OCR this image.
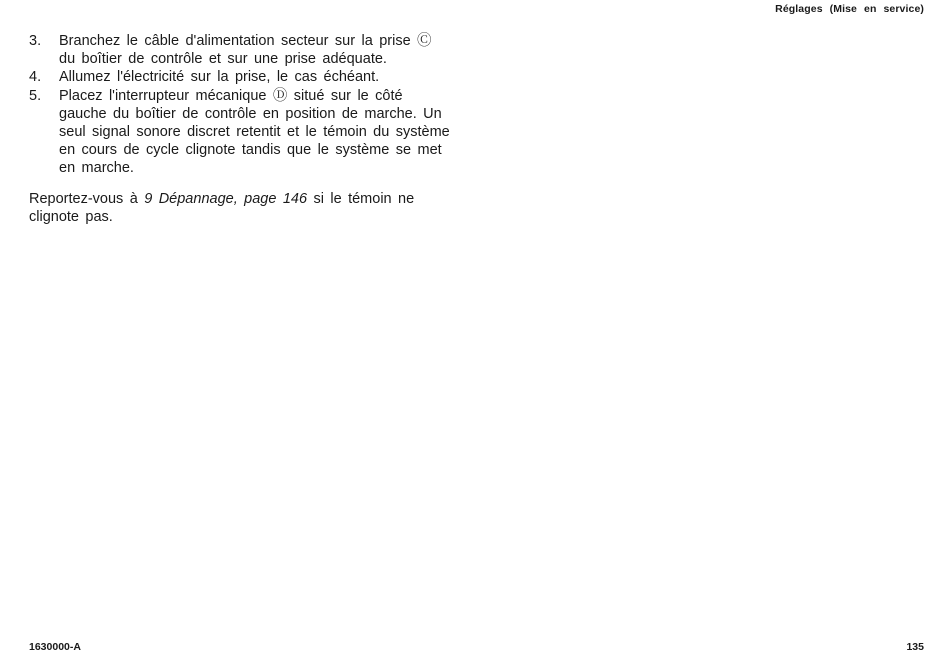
Réglages (Mise en service)
3. Branchez le câble d'alimentation secteur sur la prise Ⓒ du boîtier de contrôle et sur une prise adéquate.
4. Allumez l'électricité sur la prise, le cas échéant.
5. Placez l'interrupteur mécanique Ⓓ situé sur le côté gauche du boîtier de contrôle en position de marche. Un seul signal sonore discret retentit et le témoin du système en cours de cycle clignote tandis que le système se met en marche.

Reportez-vous à 9 Dépannage, page 146 si le témoin ne clignote pas.

1630000-A	135
